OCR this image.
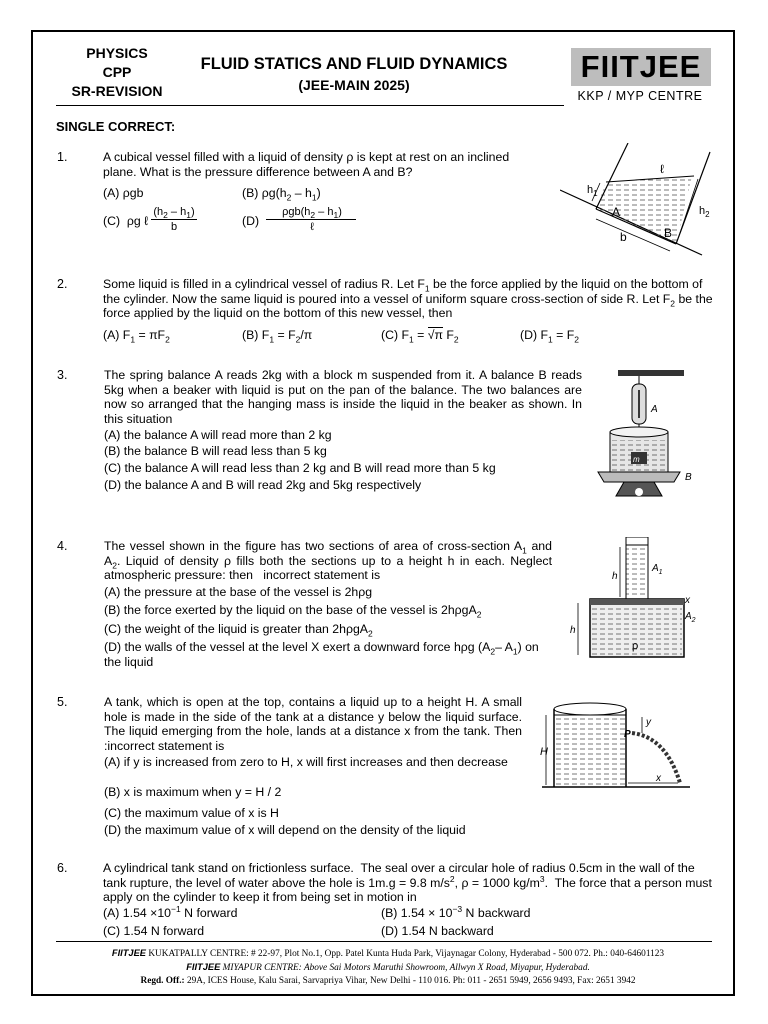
PHYSICS
CPP
SR-REVISION
FLUID STATICS AND FLUID DYNAMICS
(JEE-MAIN 2025)
FIITJEE
KKP / MYP CENTRE
SINGLE CORRECT:
1.	A cubical vessel filled with a liquid of density ρ is kept at rest on an inclined plane. What is the pressure difference between A and B?
(A) ρgb	(B) $\rho g(h_2 - h_1)$
(C)  ρg ℓ
$(h_2 - h_1)$
b	(D)
$\rho gb(h_2 - h_1)$
ℓ
ℓ
$h_1$
$h_2$
A
B
b
2.	Some liquid is filled in a cylindrical vessel of radius R. Let $F_1$ be the force applied by the liquid on the bottom of the cylinder. Now the same liquid is poured into a vessel of uniform square cross-section of side R. Let $F_2$ be the force applied by the liquid on the bottom of this new vessel, then
(A) $F_1 = \pi F_2$	(B) $F_1 = F_2/\pi$	(C) $F_1 = √\pi$ $F_2$	(D) $F_1 = F_2$
3.	The spring balance A reads 2kg with a block m suspended from it. A balance B reads 5kg when a beaker with liquid is put on the pan of the balance. The two balances are now so arranged that the hanging mass is inside the liquid in the beaker as shown. In this situation
(A) the balance A will read more than 2 kg
(B) the balance B will read less than 5 kg
(C) the balance A will read less than 2 kg and B will read more than 5 kg
(D) the balance A and B will read 2kg and 5kg respectively
A
m
B
4.	The vessel shown in the figure has two sections of area of cross-section $A_1$ and $A_2$. Liquid of density ρ fills both the sections up to a height h in each. Neglect atmospheric pressure: then   incorrect statement is
(A) the pressure at the base of the vessel is 2hρg
(B) the force exerted by the liquid on the base of the vessel is 2hρgA$_2$
(C) the weight of the liquid is greater than 2hρgA$_2$
(D) the walls of the vessel at the level X exert a downward force hρg ($A_2-$ $A_1$) on the liquid
h
$A_1$
x
$A_2$
h
ρ
5.	A tank, which is open at the top, contains a liquid up to a height H. A small hole is made in the side of the tank at a distance y below the liquid surface. The liquid emerging from the hole, lands at a distance x from the tank. Then :incorrect statement is
(A) if y is increased from zero to H, x will first increases and then decrease
(B) x is maximum when y = H / 2
(C) the maximum value of x is H
(D) the maximum value of x will depend on the density of the liquid
H
y
P
x
6.	A cylindrical tank stand on frictionless surface.  The seal over a circular hole of radius 0.5cm in the wall of the tank rupture, the level of water above the hole is 1m.g = 9.8 $m/s^2$, ρ = 1000 $kg/m^3$.  The force that a person must apply on the cylinder to keep it from being set in motion in
(A) $1.54 \times 10^{-1}$ N forward	(B) $1.54 \times 10^{-3}$ N backward
(C) 1.54 N forward	(D) 1.54 N backward
FIITJEE KUKATPALLY CENTRE: # 22-97, Plot No.1, Opp. Patel Kunta Huda Park, Vijaynagar Colony, Hyderabad - 500 072. Ph.: 040-64601123
FIITJEE MIYAPUR CENTRE: Above Sai Motors Maruthi Showroom, Allwyn X Road, Miyapur, Hyderabad.
Regd. Off.: 29A, ICES House, Kalu Sarai, Sarvapriya Vihar, New Delhi - 110 016. Ph: 011 - 2651 5949, 2656 9493, Fax: 2651 3942
